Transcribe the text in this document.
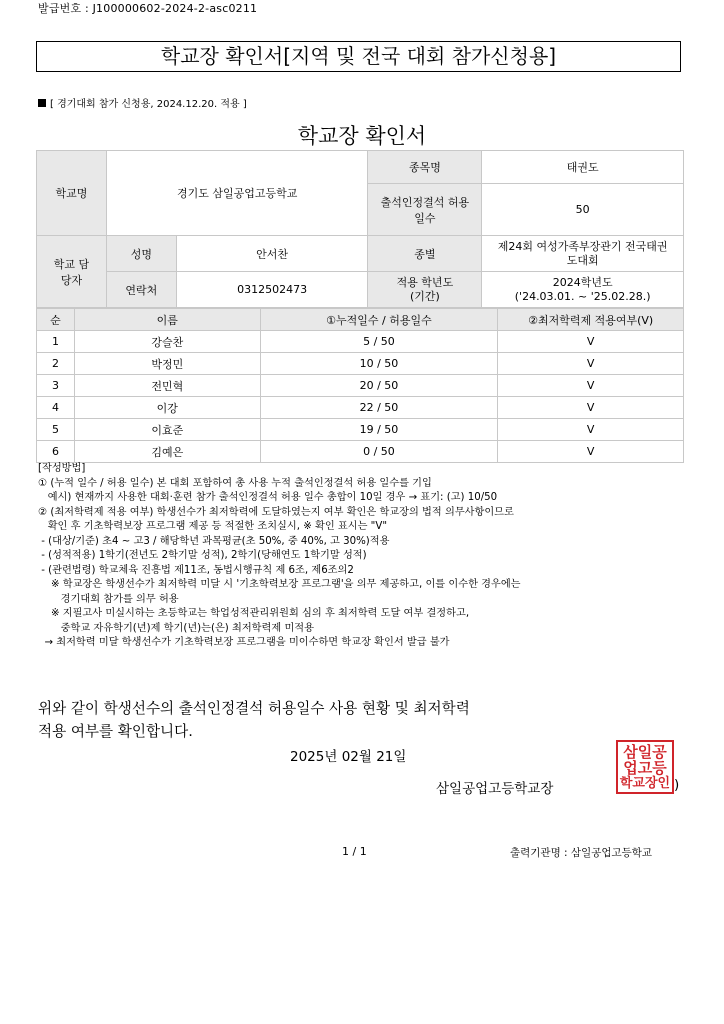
발급번호 : J100000602-2024-2-asc0211
학교장 확인서[지역 및 전국 대회 참가신청용]
[ 경기대회 참가 신청용, 2024.12.20. 적용 ]
학교장 확인서
학교명	경기도 삼일공업고등학교		종목명	태권도
			출석인정결석 허용일수	50
학교 담당자	성명	안서찬	종별	제24회 여성가족부장관기 전국태권도대회
	연락처	0312502473	적용 학년도 (기간)	2024학년도
('24.03.01. ~ '25.02.28.)
순	이름	①누적일수 / 허용일수	②최저학력제 적용여부(V)
1	강슬찬	5 / 50	V
2	박정민	10 / 50	V
3	전민혁	20 / 50	V
4	이강	22 / 50	V
5	이효준	19 / 50	V
6	김예은	0 / 50	V
[작성방법]
① (누적 일수 / 허용 일수) 본 대회 포함하여 총 사용 누적 출석인정결석 허용 일수를 기입
예시) 현재까지 사용한 대회·훈련 참가 출석인정결석 허용 일수 총합이 10일 경우 → 표기: (고) 10/50
② (최저학력제 적용 여부) 학생선수가 최저학력에 도달하였는지 여부 확인은 학교장의 법적 의무사항이므로
확인 후 기초학력보장 프로그램 제공 등 적절한 조치실시, ※ 확인 표시는 "V"
- (대상/기준) 초4 ~ 고3 / 해당학년 과목평균(초 50%, 중 40%, 고 30%)적용
- (성적적용) 1학기(전년도 2학기말 성적), 2학기(당해연도 1학기말 성적)
- (관련법령) 학교체육 진흥법 제11조, 동법시행규칙 제 6조, 제6조의2
※ 학교장은 학생선수가 최저학력 미달 시 '기초학력보장 프로그램'을 의무 제공하고, 이를 이수한 경우에는
경기대회 참가를 의무 허용
※ 지필고사 미실시하는 초등학교는 학업성적관리위원회 심의 후 최저학력 도달 여부 결정하고,
중학교 자유학기(년)제 학기(년)는(은) 최저학력제 미적용
→ 최저학력 미달 학생선수가 기초학력보장 프로그램을 미이수하면 학교장 확인서 발급 불가
위와 같이 학생선수의 출석인정결석 허용일수 사용 현황 및 최저학력
적용 여부를 확인합니다.
2025년 02월 21일
삼일공업고등학교장
삼일공
업고등
학교장인 )
1 / 1	출력기관명 : 삼일공업고등학교
